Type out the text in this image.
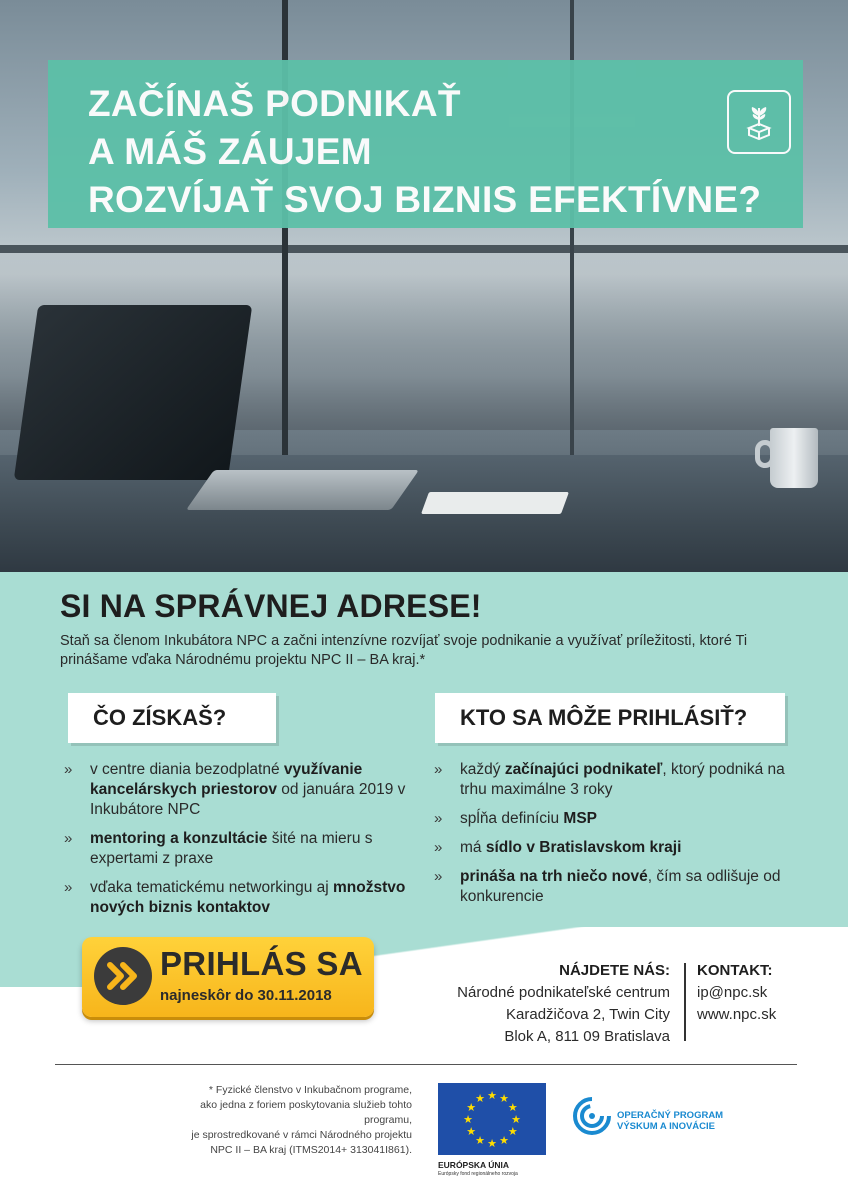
ZAČÍNAŠ PODNIKAŤ
A MÁŠ ZÁUJEM
ROZVÍJAŤ SVOJ BIZNIS EFEKTÍVNE?
SI NA SPRÁVNEJ ADRESE!
Staň sa členom Inkubátora NPC a začni intenzívne rozvíjať svoje podnikanie a využívať príležitosti, ktoré Ti prinášame vďaka Národnému projektu NPC II – BA kraj.*
ČO ZÍSKAŠ?	KTO SA MÔŽE PRIHLÁSIŤ?
» v centre diania bezodplatné využívanie kancelárskych priestorov od januára 2019 v Inkubátore NPC
» mentoring a konzultácie šité na mieru s expertami z praxe
» vďaka tematickému networkingu aj množstvo nových biznis kontaktov
» každý začínajúci podnikateľ, ktorý podniká na trhu maximálne 3 roky
» spĺňa definíciu MSP
» má sídlo v Bratislavskom kraji
» prináša na trh niečo nové, čím sa odlišuje od konkurencie
PRIHLÁS SA
najneskôr do 30.11.2018
NÁJDETE NÁS:
Národné podnikateľské centrum
Karadžičova 2, Twin City
Blok A, 811 09 Bratislava
KONTAKT:
ip@npc.sk
www.npc.sk
* Fyzické členstvo v Inkubačnom programe,
ako jedna z foriem poskytovania služieb tohto programu,
je sprostredkované v rámci Národného projektu
NPC II – BA kraj (ITMS2014+ 313041I861).
★ ★
★
★
★
★
★
★
★
★
★
★
EURÓPSKA ÚNIA
Európsky fond regionálneho rozvoja
OPERAČNÝ PROGRAM
VÝSKUM A INOVÁCIE
